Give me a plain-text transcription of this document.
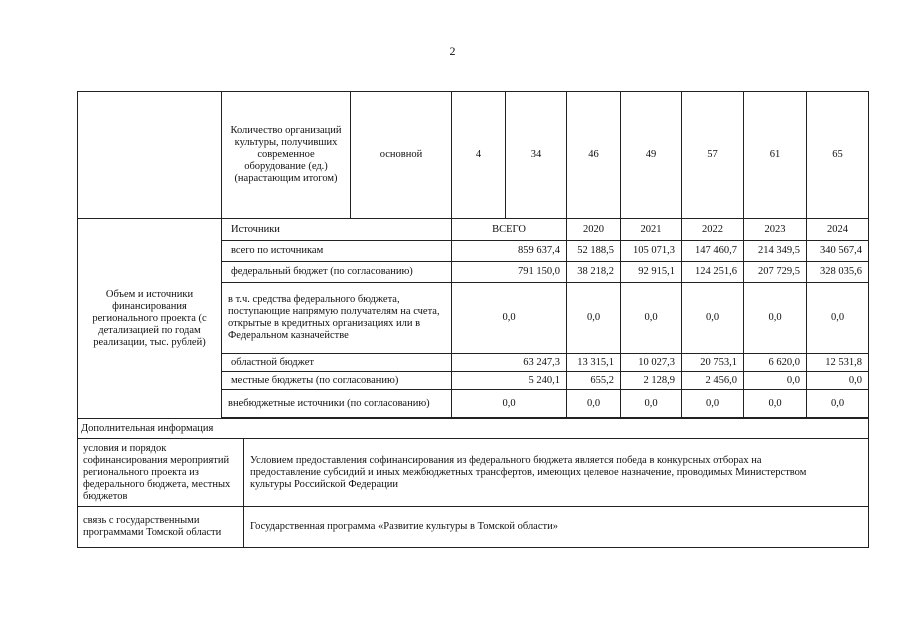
2
	Количество организаций культуры, получивших современное оборудование (ед.) (нарастающим итогом)		основной	4	34	46	49	57	61	65
Объем и источники финансирования регионального проекта (с детализацией по годам реализации, тыс. рублей)	Источники			ВСЕГО		2020	2021	2022	2023	2024
	всего по источникам			859 637,4		52 188,5	105 071,3	147 460,7	214 349,5	340 567,4
	федеральный бюджет (по согласованию)			791 150,0		38 218,2	92 915,1	124 251,6	207 729,5	328 035,6
	в т.ч. средства федерального бюджета, поступающие напрямую получателям на счета, открытые в кредитных организациях или в Федеральном казначействе			0,0		0,0	0,0	0,0	0,0	0,0
	областной бюджет			63 247,3		13 315,1	10 027,3	20 753,1	6 620,0	12 531,8
	местные бюджеты (по согласованию)			5 240,1		655,2	2 128,9	2 456,0	0,0	0,0
	внебюджетные источники (по согласованию)			0,0		0,0	0,0	0,0	0,0	0,0

Дополнительная информация										
условия и порядок софинансирования мероприятий регионального проекта из федерального бюджета, местных бюджетов		Условием предоставления софинансирования из федерального бюджета является победа в конкурсных отборах на предоставление субсидий и иных межбюджетных трансфертов, имеющих целевое назначение, проводимых Министерством культуры Российской Федерации								
связь с государственными программами Томской области		Государственная программа «Развитие культуры в Томской области»								
